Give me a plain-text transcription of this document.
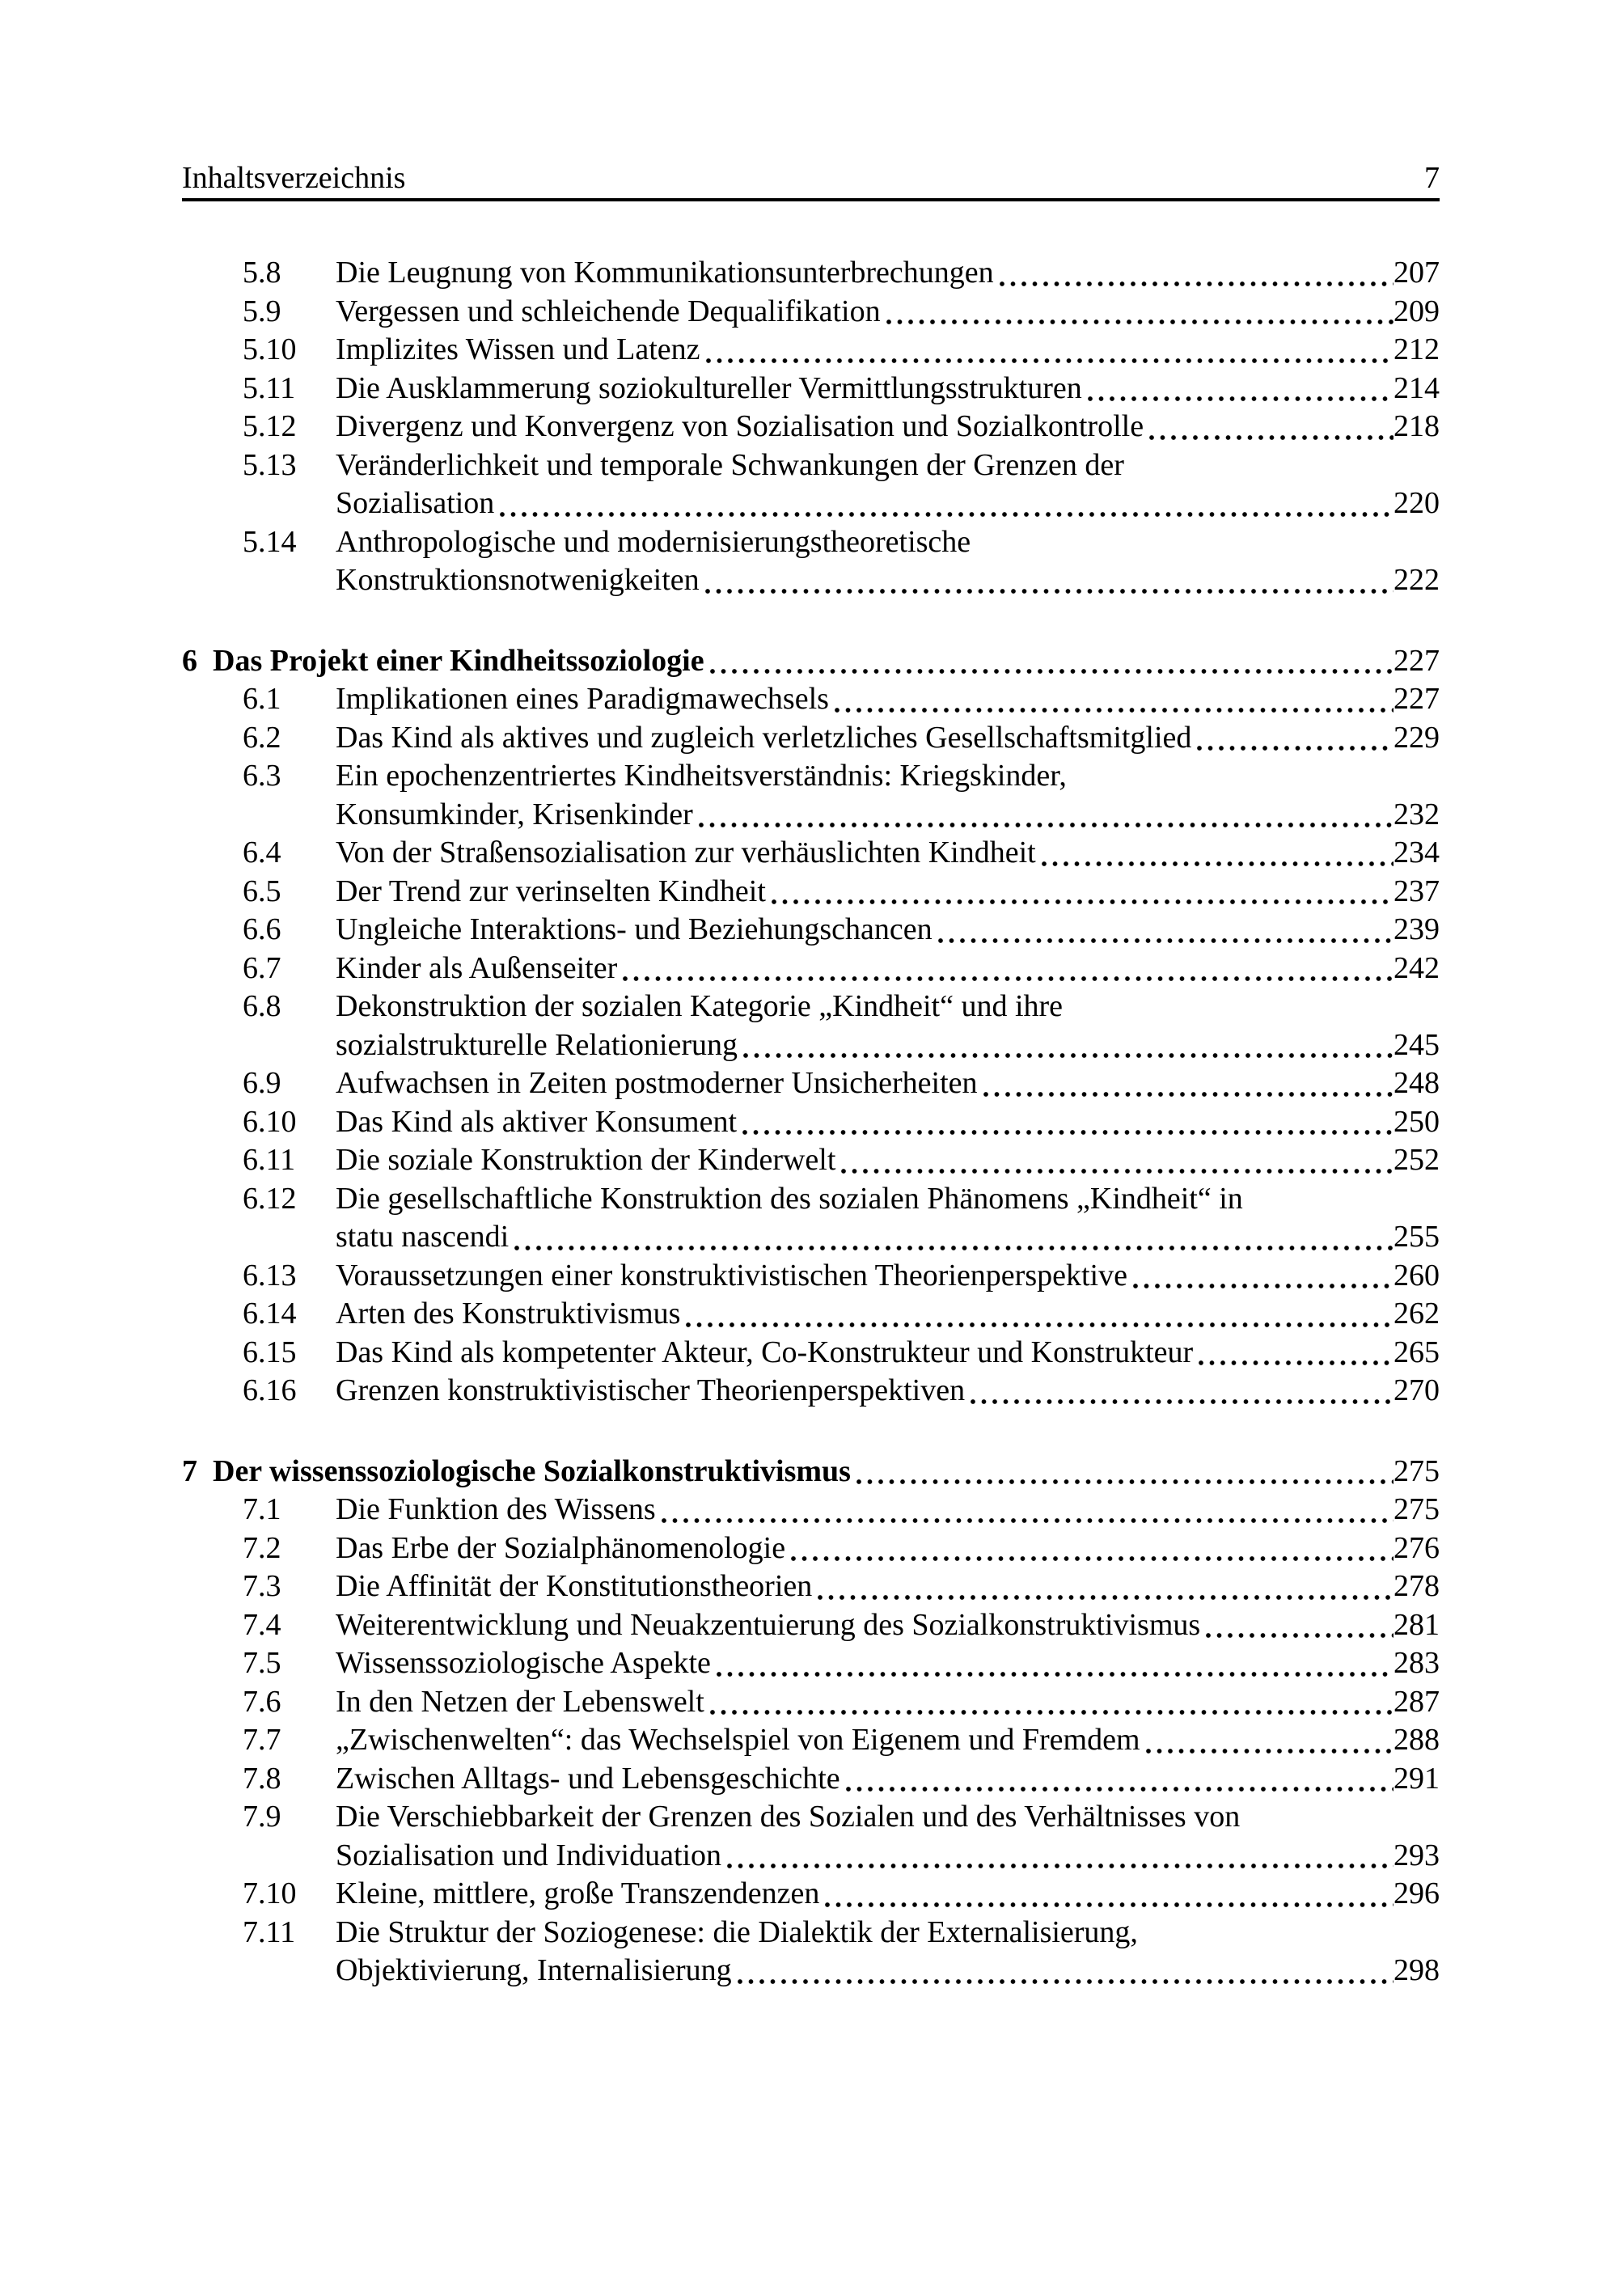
Inhaltsverzeichnis	7
5.8	Die Leugnung von Kommunikationsunterbrechungen	207
5.9	Vergessen und schleichende Dequalifikation	209
5.10	Implizites Wissen und Latenz	212
5.11	Die Ausklammerung soziokultureller Vermittlungsstrukturen	214
5.12	Divergenz und Konvergenz von Sozialisation und Sozialkontrolle	218
5.13	Veränderlichkeit und temporale Schwankungen der Grenzen der
Sozialisation	220
5.14	Anthropologische und modernisierungstheoretische
Konstruktionsnotwenigkeiten	222
6 Das Projekt einer Kindheitssoziologie	227
6.1	Implikationen eines Paradigmawechsels	227
6.2	Das Kind als aktives und zugleich verletzliches Gesellschaftsmitglied	229
6.3	Ein epochenzentriertes Kindheitsverständnis: Kriegskinder,
Konsumkinder, Krisenkinder	232
6.4	Von der Straßensozialisation zur verhäuslichten Kindheit	234
6.5	Der Trend zur verinselten Kindheit	237
6.6	Ungleiche Interaktions- und Beziehungschancen	239
6.7	Kinder als Außenseiter	242
6.8	Dekonstruktion der sozialen Kategorie „Kindheit“ und ihre
sozialstrukturelle Relationierung	245
6.9	Aufwachsen in Zeiten postmoderner Unsicherheiten	248
6.10	Das Kind als aktiver Konsument	250
6.11	Die soziale Konstruktion der Kinderwelt	252
6.12	Die gesellschaftliche Konstruktion des sozialen Phänomens „Kindheit“ in
statu nascendi	255
6.13	Voraussetzungen einer konstruktivistischen Theorienperspektive	260
6.14	Arten des Konstruktivismus	262
6.15	Das Kind als kompetenter Akteur, Co-Konstrukteur und Konstrukteur	265
6.16	Grenzen konstruktivistischer Theorienperspektiven	270
7 Der wissenssoziologische Sozialkonstruktivismus	275
7.1	Die Funktion des Wissens	275
7.2	Das Erbe der Sozialphänomenologie	276
7.3	Die Affinität der Konstitutionstheorien	278
7.4	Weiterentwicklung und Neuakzentuierung des Sozialkonstruktivismus	281
7.5	Wissenssoziologische Aspekte	283
7.6	In den Netzen der Lebenswelt	287
7.7	„Zwischenwelten“: das Wechselspiel von Eigenem und Fremdem	288
7.8	Zwischen Alltags- und Lebensgeschichte	291
7.9	Die Verschiebbarkeit der Grenzen des Sozialen und des Verhältnisses von
Sozialisation und Individuation	293
7.10	Kleine, mittlere, große Transzendenzen	296
7.11	Die Struktur der Soziogenese: die Dialektik der Externalisierung,
Objektivierung, Internalisierung	298
